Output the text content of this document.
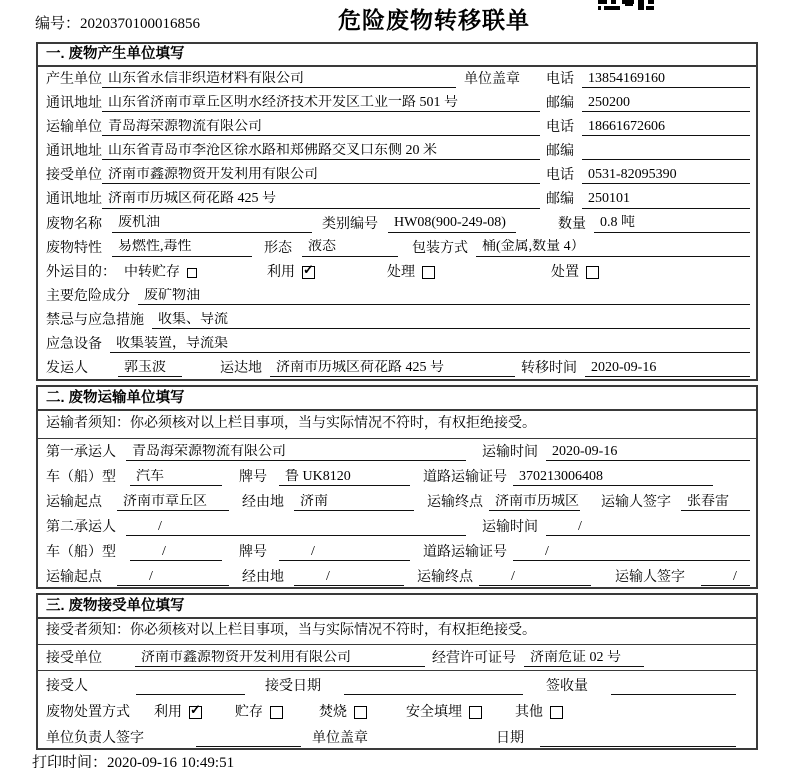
编号：2020370100016856	危险废物转移联单
一. 废物产生单位填写
产生单位 山东省永信非织造材料有限公司	单位盖章 电话	13854169160
通讯地址 山东省济南市章丘区明水经济技术开发区工业一路 501 号	邮编	250200
运输单位 青岛海荣源物流有限公司	电话	18661672606
通讯地址 山东省青岛市李沧区徐水路和郑佛路交叉口东侧 20 米	邮编
接受单位 济南市鑫源物资开发利用有限公司	电话	0531-82095390
通讯地址 济南市历城区荷花路 425 号	邮编	250101
废物名称	废机油	类别编号	HW08(900-249-08)	数量	0.8 吨
废物特性	易燃性,毒性	形态	液态	包装方式	桶(金属,数量 4）
外运目的： 中转贮存	利用 ✓	处理	处置
主要危险成分	废矿物油
禁忌与应急措施	收集、导流
应急设备	收集装置，导流渠
发运人	郭玉波	运达地	济南市历城区荷花路 425 号	转移时间	2020-09-16
二. 废物运输单位填写
运输者须知：你必须核对以上栏目事项，当与实际情况不符时，有权拒绝接受。
第一承运人	青岛海荣源物流有限公司	运输时间	2020-09-16
车（船）型	汽车	牌号	鲁 UK8120	道路运输证号 370213006408
运输起点	济南市章丘区	经由地	济南	运输终点 济南市历城区 运输人签字	张春雷
第二承运人	/	运输时间	/
车（船）型	/	牌号	/	道路运输证号	/
运输起点	/	经由地	/	运输终点	/	运输人签字	/
三. 废物接受单位填写
接受者须知：你必须核对以上栏目事项，当与实际情况不符时，有权拒绝接受。
接受单位	济南市鑫源物资开发利用有限公司	经营许可证号	济南危证 02 号
接受人	接受日期	签收量
废物处置方式 利用 ✓ 贮存	焚烧	安全填埋	其他
单位负责人签字	单位盖章	日期
打印时间：2020-09-16 10:49:51
